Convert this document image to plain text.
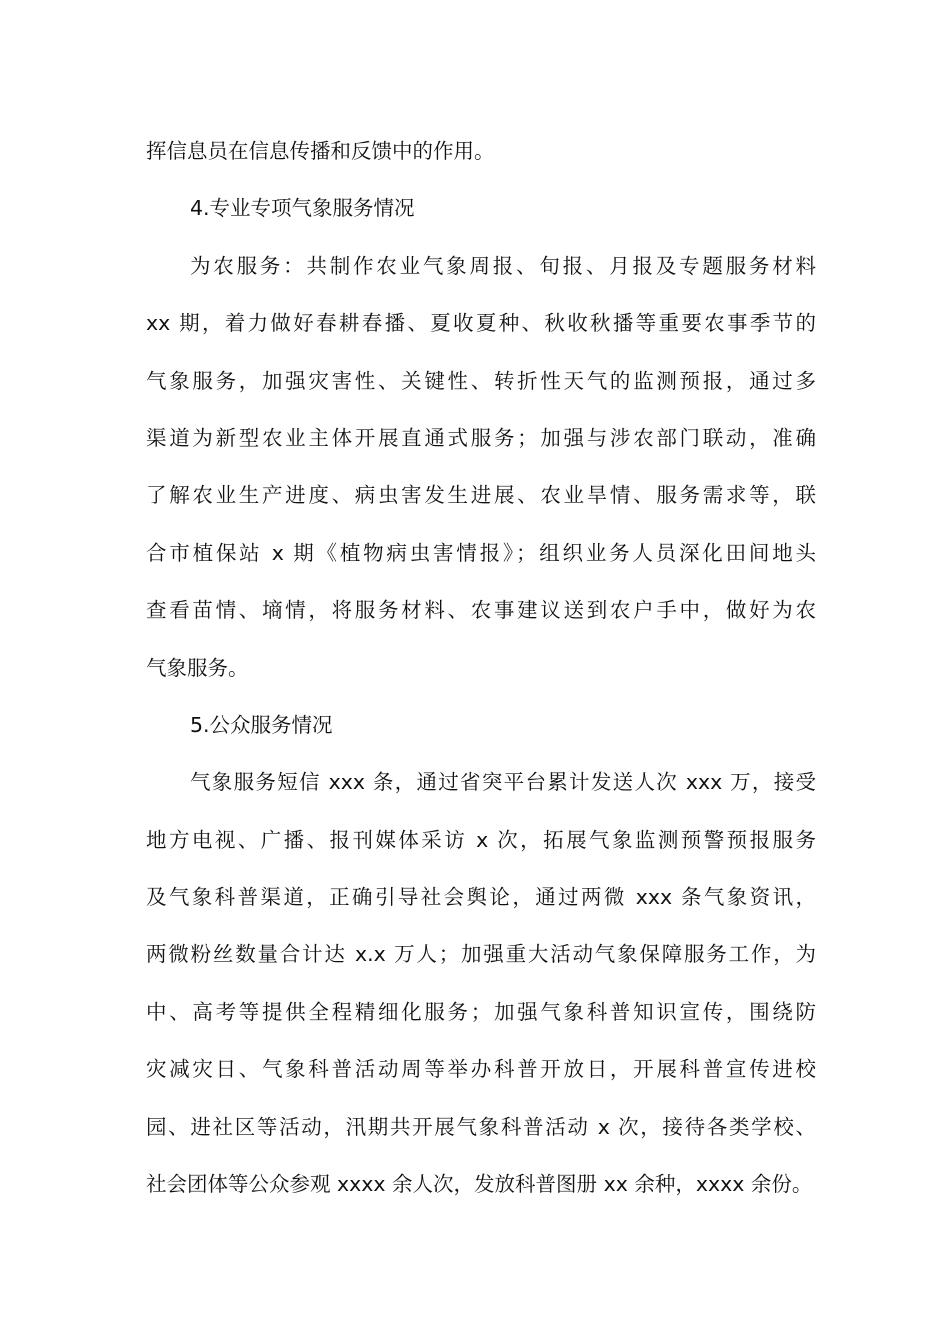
挥信息员在信息传播和反馈中的作用。
4.专业专项气象服务情况
为农服务：共制作农业气象周报、旬报、月报及专题服务材料
xx 期，着力做好春耕春播、夏收夏种、秋收秋播等重要农事季节的
气象服务，加强灾害性、关键性、转折性天气的监测预报，通过多
渠道为新型农业主体开展直通式服务；加强与涉农部门联动，准确
了解农业生产进度、病虫害发生进展、农业旱情、服务需求等，联
合市植保站 x 期《植物病虫害情报》；组织业务人员深化田间地头
查看苗情、墒情，将服务材料、农事建议送到农户手中，做好为农
气象服务。
5.公众服务情况
气象服务短信 xxx 条，通过省突平台累计发送人次 xxx 万，接受
地方电视、广播、报刊媒体采访 x 次，拓展气象监测预警预报服务
及气象科普渠道，正确引导社会舆论，通过两微 xxx 条气象资讯，
两微粉丝数量合计达 x.x 万人；加强重大活动气象保障服务工作，为
中、高考等提供全程精细化服务；加强气象科普知识宣传，围绕防
灾减灾日、气象科普活动周等举办科普开放日，开展科普宣传进校
园、进社区等活动，汛期共开展气象科普活动 x 次，接待各类学校、
社会团体等公众参观 xxxx 余人次，发放科普图册 xx 余种，xxxx 余份。
